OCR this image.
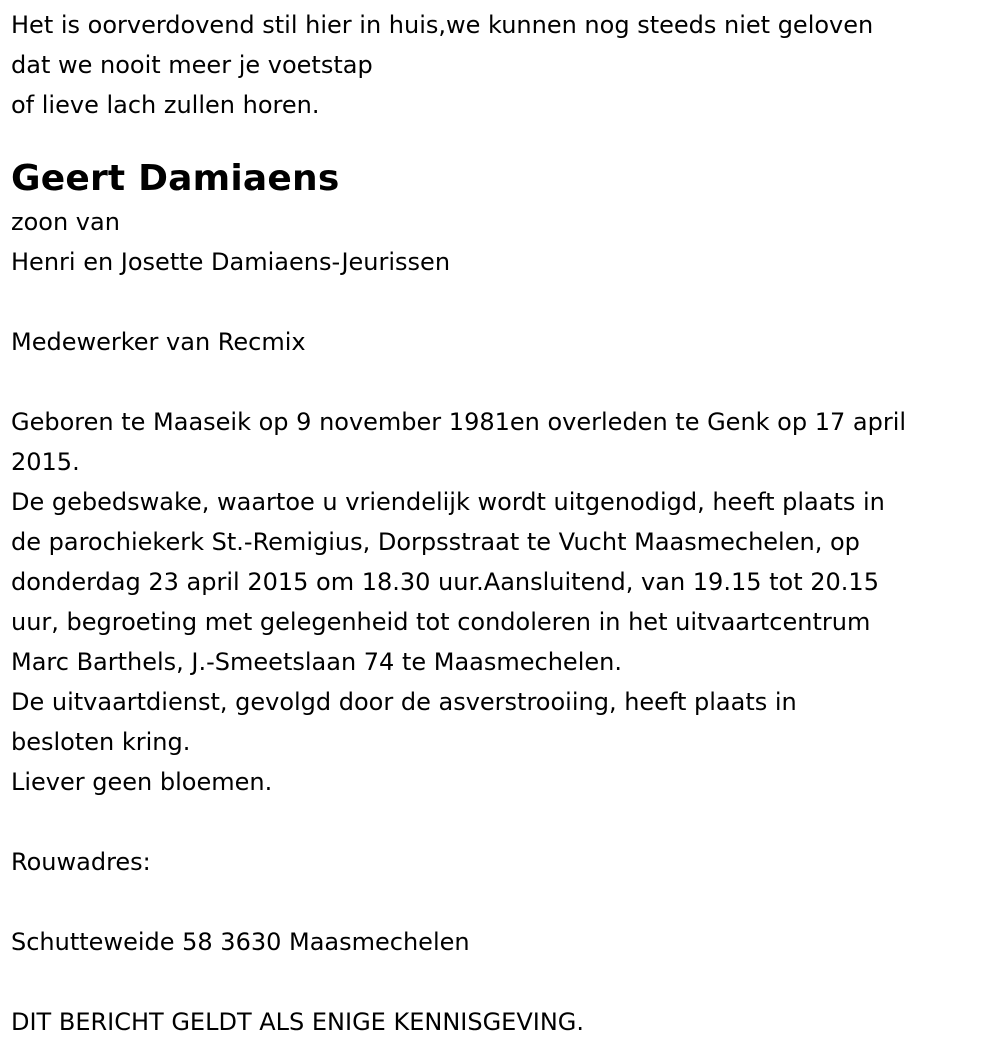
Het is oorverdovend stil hier in huis,we kunnen nog steeds niet geloven

dat we nooit meer je voetstap

of lieve lach zullen horen.

Geert Damiaens

zoon van

Henri en Josette Damiaens-Jeurissen

Medewerker van Recmix

Geboren te Maaseik op 9 november 1981en overleden te Genk op 17 april

2015.

De gebedswake, waartoe u vriendelijk wordt uitgenodigd, heeft plaats in

de parochiekerk St.-Remigius, Dorpsstraat te Vucht Maasmechelen, op

donderdag 23 april 2015 om 18.30 uur.Aansluitend, van 19.15 tot 20.15

uur, begroeting met gelegenheid tot condoleren in het uitvaartcentrum

Marc Barthels, J.-Smeetslaan 74 te Maasmechelen.

De uitvaartdienst, gevolgd door de asverstrooiing, heeft plaats in

besloten kring.

Liever geen bloemen.

Rouwadres:

Schutteweide 58 3630 Maasmechelen

DIT BERICHT GELDT ALS ENIGE KENNISGEVING.
